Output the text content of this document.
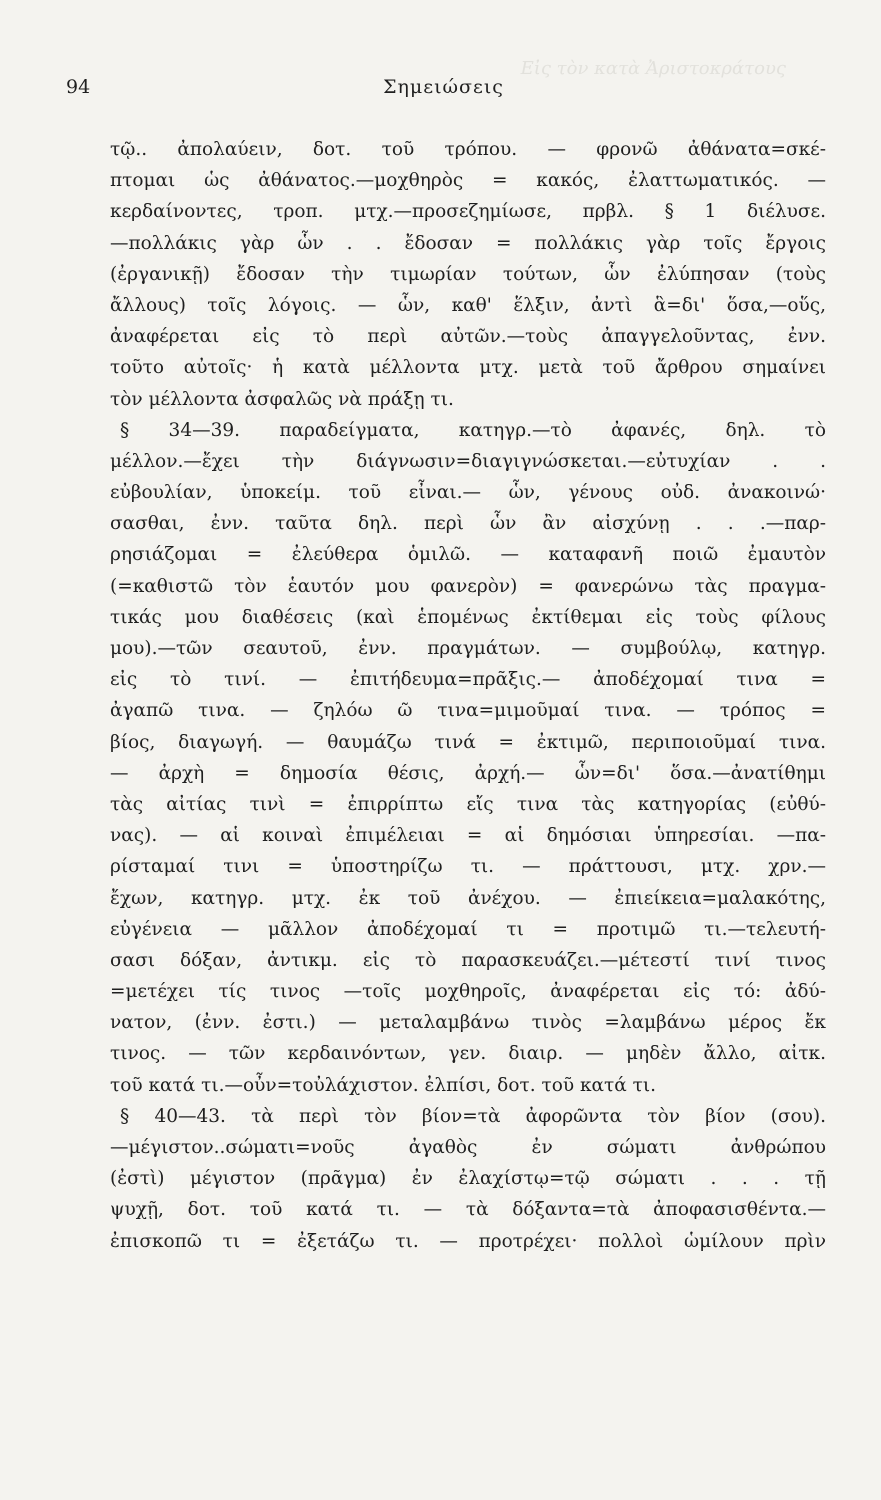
Εἰς τὸν κατὰ Ἀριστοκράτους
94	Σημειώσεις
τῷ.. ἀπολαύειν, δοτ. τοῦ τρόπου. — φρονῶ ἀθάνατα=σκέ-
πτομαι ὡς ἀθάνατος.—μοχθηρὸς = κακός, ἐλαττωματικός. —
κερδαίνοντες, τροπ. μτχ.—προσεζημίωσε, πρβλ. § 1 διέλυσε.
—πολλάκις γὰρ ὧν . . ἔδοσαν = πολλάκις γὰρ τοῖς ἔργοις
(ἐργανικῇ) ἔδοσαν τὴν τιμωρίαν τούτων, ὧν ἐλύπησαν (τοὺς
ἄλλους) τοῖς λόγοις. — ὧν, καθ' ἕλξιν, ἀντὶ ἃ=δι' ὅσα,—οὕς,
ἀναφέρεται εἰς τὸ περὶ αὐτῶν.—τοὺς ἀπαγγελοῦντας, ἐνν.
τοῦτο αὐτοῖς· ἡ κατὰ μέλλοντα μτχ. μετὰ τοῦ ἄρθρου σημαίνει
τὸν μέλλοντα ἀσφαλῶς νὰ πράξῃ τι.
§ 34—39. παραδείγματα, κατηγρ.—τὸ ἀφανές, δηλ. τὸ
μέλλον.—ἔχει τὴν διάγνωσιν=διαγιγνώσκεται.—εὐτυχίαν . .
εὐβουλίαν, ὑποκείμ. τοῦ εἶναι.— ὧν, γένους οὐδ. ἀνακοινώ·
σασθαι, ἐνν. ταῦτα δηλ. περὶ ὧν ἂν αἰσχύνῃ . . .—παρ-
ρησιάζομαι = ἐλεύθερα ὁμιλῶ. — καταφανῆ ποιῶ ἐμαυτὸν
(=καθιστῶ τὸν ἑαυτόν μου φανερὸν) = φανερώνω τὰς πραγμα-
τικάς μου διαθέσεις (καὶ ἑπομένως ἐκτίθεμαι εἰς τοὺς φίλους
μου).—τῶν σεαυτοῦ, ἐνν. πραγμάτων. — συμβούλῳ, κατηγρ.
εἰς τὸ τινί. — ἐπιτήδευμα=πρᾶξις.— ἀποδέχομαί τινα =
ἀγαπῶ τινα. — ζηλόω ῶ τινα=μιμοῦμαί τινα. — τρόπος =
βίος, διαγωγή. — θαυμάζω τινά = ἐκτιμῶ, περιποιοῦμαί τινα.
— ἀρχὴ = δημοσία θέσις, ἀρχή.— ὧν=δι' ὅσα.—ἀνατίθημι
τὰς αἰτίας τινὶ = ἐπιρρίπτω εἴς τινα τὰς κατηγορίας (εὐθύ-
νας). — αἱ κοιναὶ ἐπιμέλειαι = αἱ δημόσιαι ὑπηρεσίαι. —πα-
ρίσταμαί τινι = ὑποστηρίζω τι. — πράττουσι, μτχ. χρν.—
ἔχων, κατηγρ. μτχ. ἐκ τοῦ ἀνέχου. — ἐπιείκεια=μαλακότης,
εὐγένεια — μᾶλλον ἀποδέχομαί τι = προτιμῶ τι.—τελευτή-
σασι δόξαν, ἀντικμ. εἰς τὸ παρασκευάζει.—μέτεστί τινί τινος
=μετέχει τίς τινος —τοῖς μοχθηροῖς, ἀναφέρεται εἰς τό: ἀδύ-
νατον, (ἐνν. ἐστι.) — μεταλαμβάνω τινὸς =λαμβάνω μέρος ἔκ
τινος. — τῶν κερδαινόντων, γεν. διαιρ. — μηδὲν ἄλλο, αἰτκ.
τοῦ κατά τι.—οὖν=τοὐλάχιστον. ἐλπίσι, δοτ. τοῦ κατά τι.
§ 40—43. τὰ περὶ τὸν βίον=τὰ ἀφορῶντα τὸν βίον (σου).
—μέγιστον..σώματι=νοῦς ἀγαθὸς ἐν σώματι ἀνθρώπου
(ἐστὶ) μέγιστον (πρᾶγμα) ἐν ἐλαχίστῳ=τῷ σώματι . . . τῇ
ψυχῇ, δοτ. τοῦ κατά τι. — τὰ δόξαντα=τὰ ἀποφασισθέντα.—
ἐπισκοπῶ τι = ἐξετάζω τι. — προτρέχει· πολλοὶ ὡμίλουν πρὶν
